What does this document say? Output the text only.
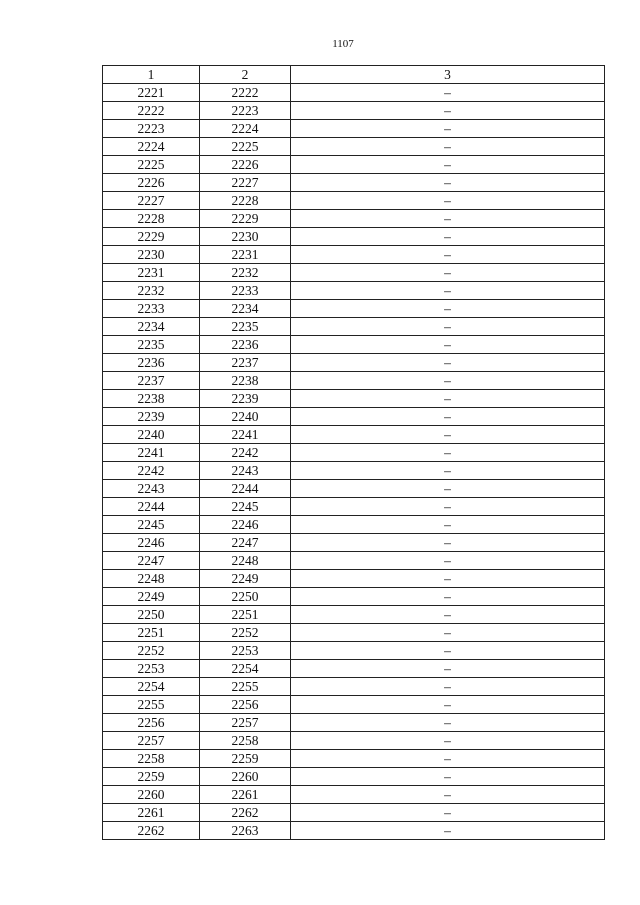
1107
1	2	3
2221	2222	–
2222	2223	–
2223	2224	–
2224	2225	–
2225	2226	–
2226	2227	–
2227	2228	–
2228	2229	–
2229	2230	–
2230	2231	–
2231	2232	–
2232	2233	–
2233	2234	–
2234	2235	–
2235	2236	–
2236	2237	–
2237	2238	–
2238	2239	–
2239	2240	–
2240	2241	–
2241	2242	–
2242	2243	–
2243	2244	–
2244	2245	–
2245	2246	–
2246	2247	–
2247	2248	–
2248	2249	–
2249	2250	–
2250	2251	–
2251	2252	–
2252	2253	–
2253	2254	–
2254	2255	–
2255	2256	–
2256	2257	–
2257	2258	–
2258	2259	–
2259	2260	–
2260	2261	–
2261	2262	–
2262	2263	–
